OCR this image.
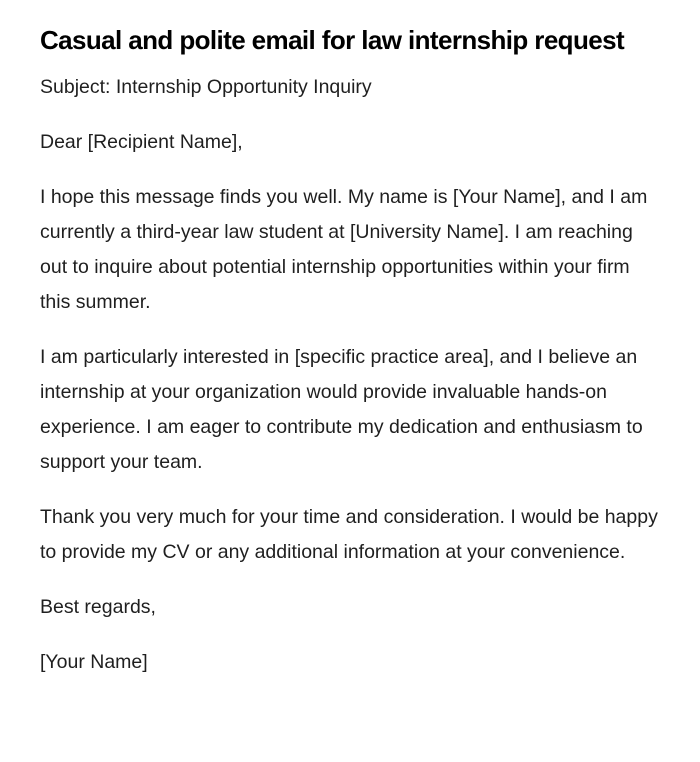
Casual and polite email for law internship request

Subject: Internship Opportunity Inquiry

Dear [Recipient Name],

I hope this message finds you well. My name is [Your Name], and I am currently a third-year law student at [University Name]. I am reaching out to inquire about potential internship opportunities within your firm this summer.

I am particularly interested in [specific practice area], and I believe an internship at your organization would provide invaluable hands-on experience. I am eager to contribute my dedication and enthusiasm to support your team.

Thank you very much for your time and consideration. I would be happy to provide my CV or any additional information at your convenience.

Best regards,

[Your Name]
